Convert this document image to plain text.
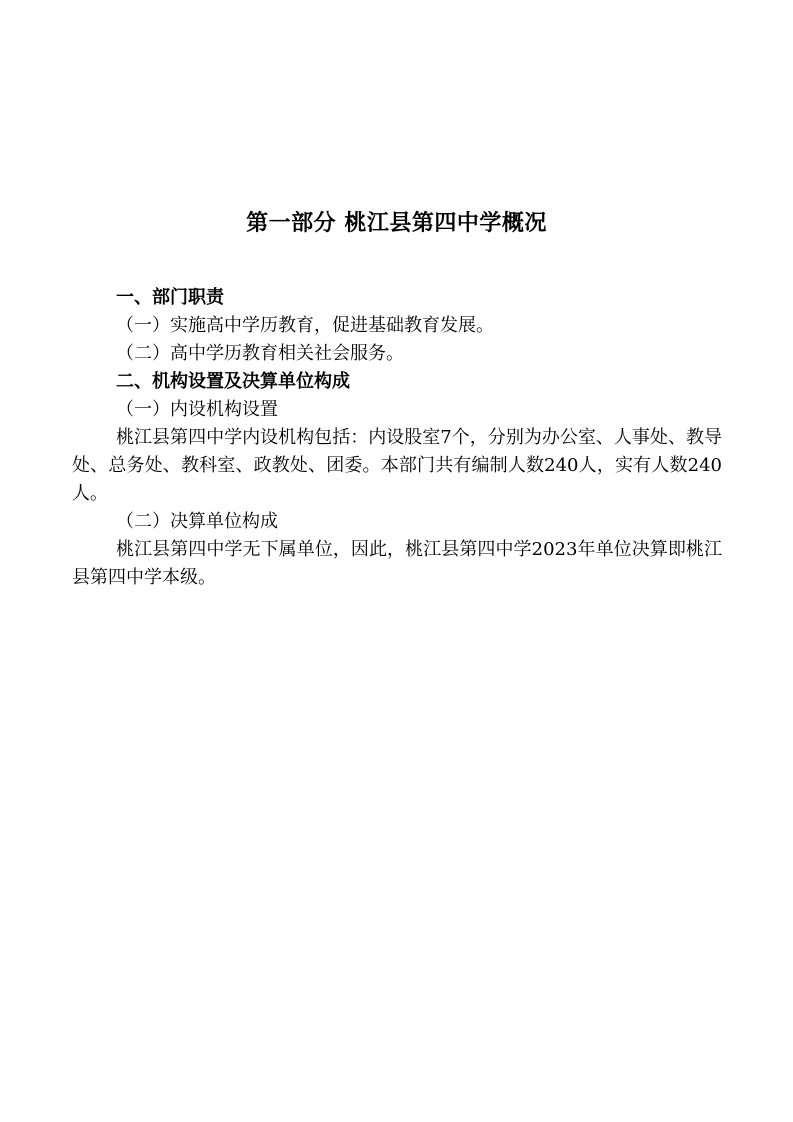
第一部分 桃江县第四中学概况
一、部门职责
（一）实施高中学历教育，促进基础教育发展。
（二）高中学历教育相关社会服务。
二、机构设置及决算单位构成
（一）内设机构设置
桃江县第四中学内设机构包括：内设股室7个，分别为办公室、人事处、教导处、总务处、教科室、政教处、团委。本部门共有编制人数240人，实有人数240人。
（二）决算单位构成
桃江县第四中学无下属单位，因此，桃江县第四中学2023年单位决算即桃江县第四中学本级。
